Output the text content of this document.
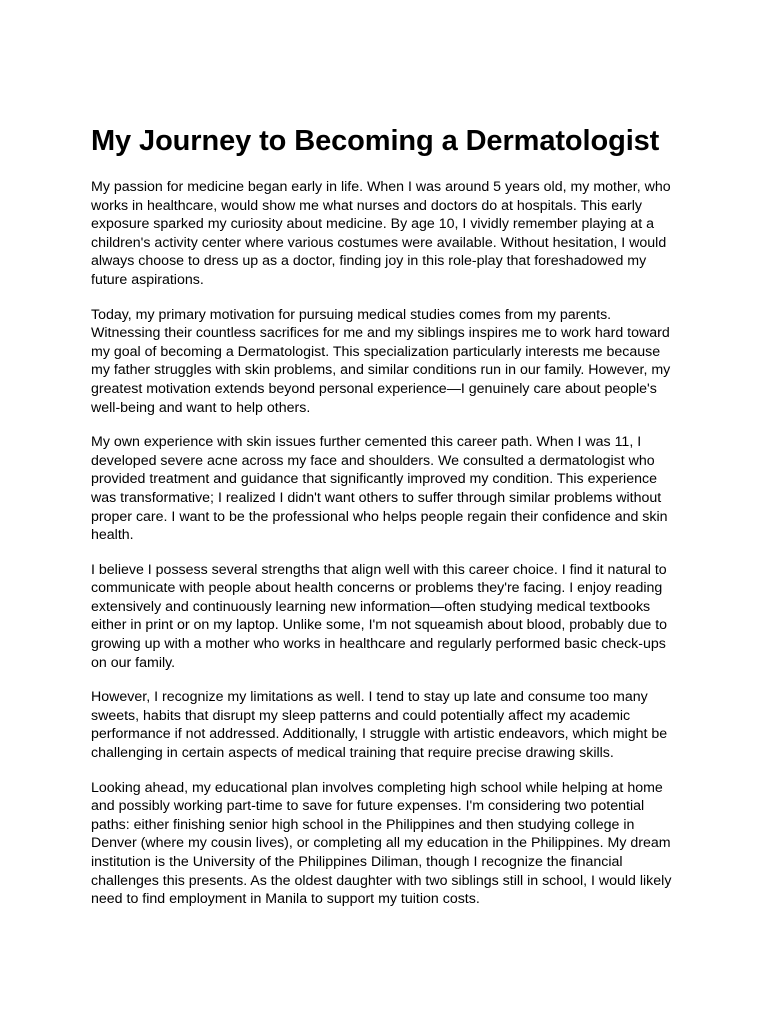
My Journey to Becoming a Dermatologist

My passion for medicine began early in life. When I was around 5 years old, my mother, who works in healthcare, would show me what nurses and doctors do at hospitals. This early exposure sparked my curiosity about medicine. By age 10, I vividly remember playing at a children's activity center where various costumes were available. Without hesitation, I would always choose to dress up as a doctor, finding joy in this role-play that foreshadowed my future aspirations.

Today, my primary motivation for pursuing medical studies comes from my parents. Witnessing their countless sacrifices for me and my siblings inspires me to work hard toward my goal of becoming a Dermatologist. This specialization particularly interests me because my father struggles with skin problems, and similar conditions run in our family. However, my greatest motivation extends beyond personal experience—I genuinely care about people's well-being and want to help others.

My own experience with skin issues further cemented this career path. When I was 11, I developed severe acne across my face and shoulders. We consulted a dermatologist who provided treatment and guidance that significantly improved my condition. This experience was transformative; I realized I didn't want others to suffer through similar problems without proper care. I want to be the professional who helps people regain their confidence and skin health.

I believe I possess several strengths that align well with this career choice. I find it natural to communicate with people about health concerns or problems they're facing. I enjoy reading extensively and continuously learning new information—often studying medical textbooks either in print or on my laptop. Unlike some, I'm not squeamish about blood, probably due to growing up with a mother who works in healthcare and regularly performed basic check-ups on our family.

However, I recognize my limitations as well. I tend to stay up late and consume too many sweets, habits that disrupt my sleep patterns and could potentially affect my academic performance if not addressed. Additionally, I struggle with artistic endeavors, which might be challenging in certain aspects of medical training that require precise drawing skills.

Looking ahead, my educational plan involves completing high school while helping at home and possibly working part-time to save for future expenses. I'm considering two potential paths: either finishing senior high school in the Philippines and then studying college in Denver (where my cousin lives), or completing all my education in the Philippines. My dream institution is the University of the Philippines Diliman, though I recognize the financial challenges this presents. As the oldest daughter with two siblings still in school, I would likely need to find employment in Manila to support my tuition costs.
